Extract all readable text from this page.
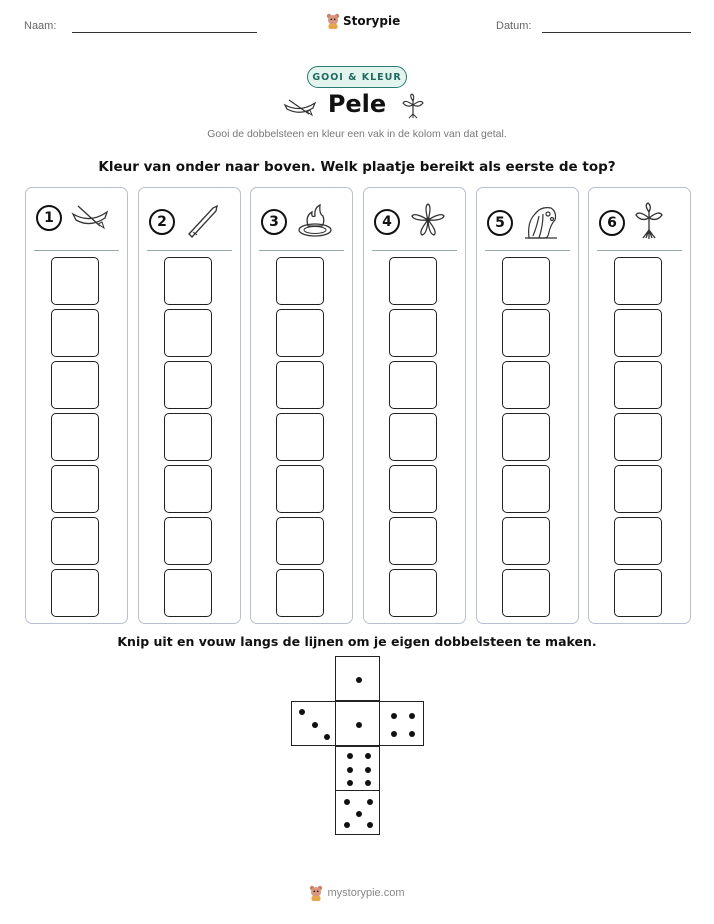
Naam:	Storypie	Datum:
GOOI & KLEUR
Pele
Gooi de dobbelsteen en kleur een vak in de kolom van dat getal.
Kleur van onder naar boven. Welk plaatje bereikt als eerste de top?
1	2	3	4	5	6
Knip uit en vouw langs de lijnen om je eigen dobbelsteen te maken.
mystorypie.com
